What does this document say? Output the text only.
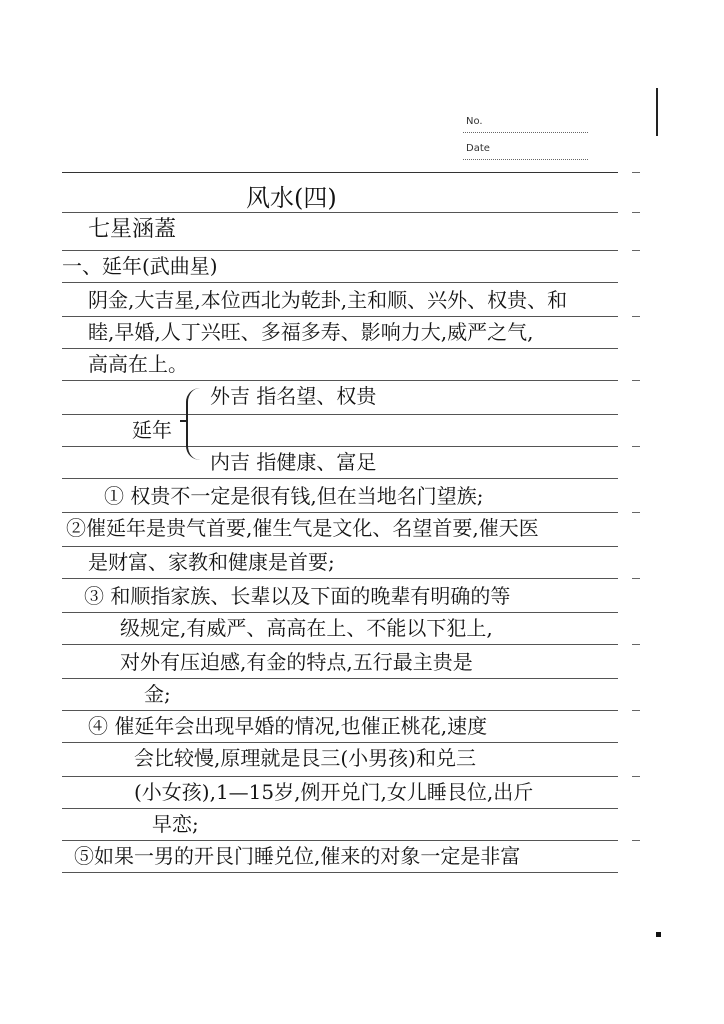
No.
Date
风水(四)
七星涵蓋
一、延年(武曲星)
阴金,大吉星,本位西北为乾卦,主和顺、兴外、权贵、和
睦,早婚,人丁兴旺、多福多寿、影响力大,威严之气,
高高在上。
外吉 指名望、权贵
延年
内吉 指健康、富足
① 权贵不一定是很有钱,但在当地名门望族;
②催延年是贵气首要,催生气是文化、名望首要,催天医
是财富、家教和健康是首要;
③ 和顺指家族、长辈以及下面的晚辈有明确的等
级规定,有威严、高高在上、不能以下犯上,
对外有压迫感,有金的特点,五行最主贵是
金;
④ 催延年会出现早婚的情况,也催正桃花,速度
会比较慢,原理就是艮三(小男孩)和兑三
(小女孩),1—15岁,例开兑门,女儿睡艮位,出斤
早恋;
⑤如果一男的开艮门睡兑位,催来的对象一定是非富
